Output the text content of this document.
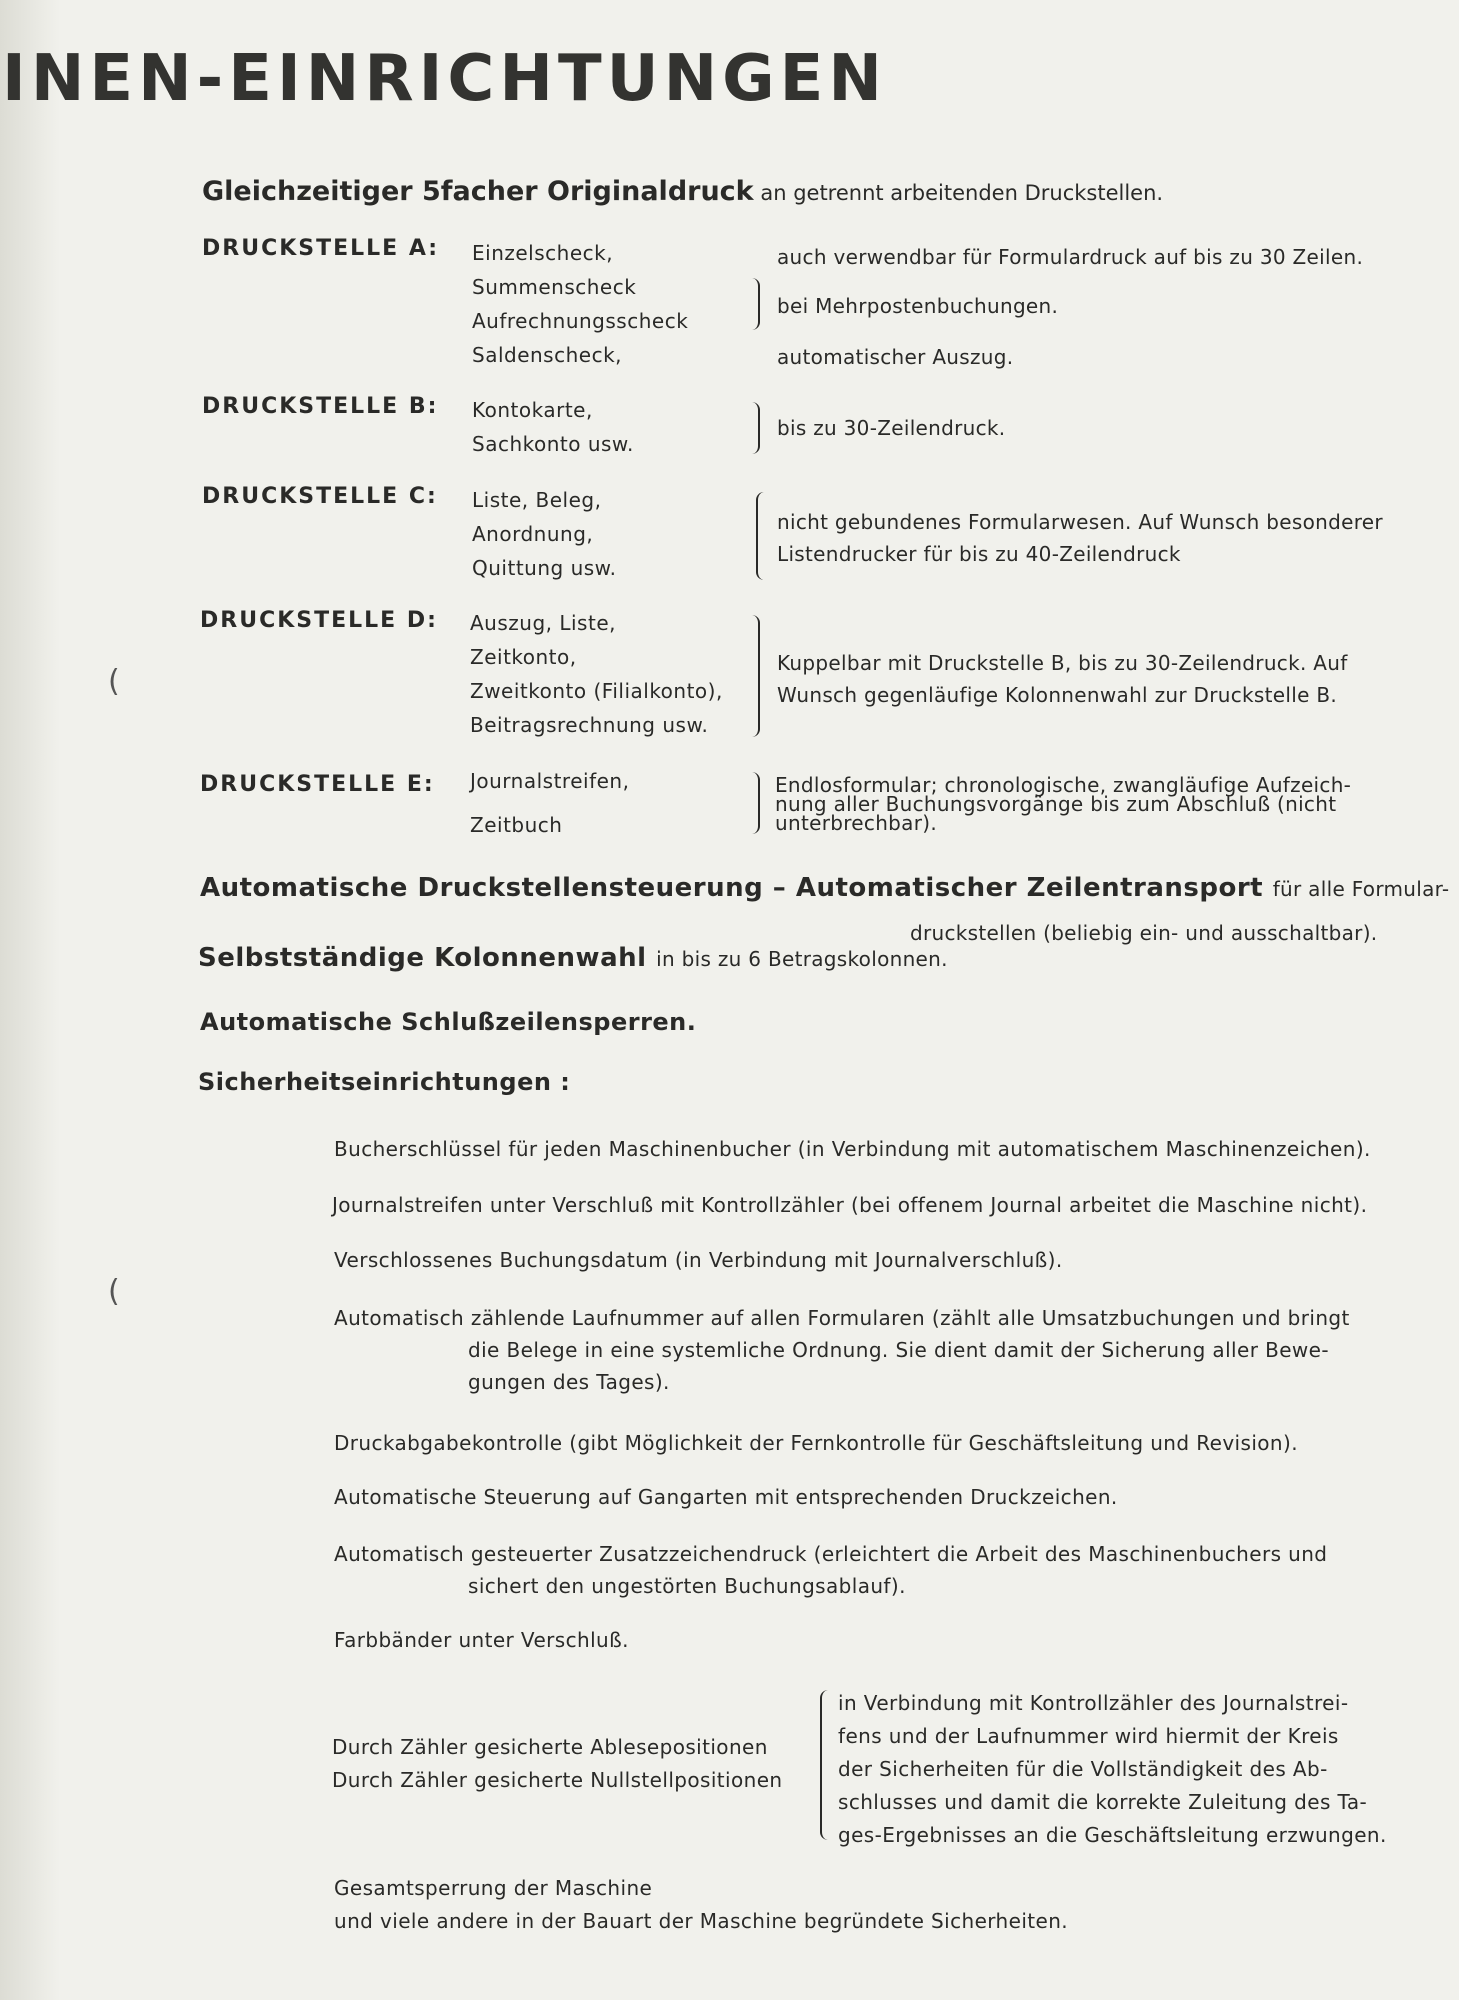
INEN-EINRICHTUNGEN
Gleichzeitiger 5facher Originaldruck an getrennt arbeitenden Druckstellen.
DRUCKSTELLE A: Einzelscheck,
Summenscheck
Aufrechnungsscheck
Saldenscheck,
auch verwendbar für Formulardruck auf bis zu 30 Zeilen.
bei Mehrpostenbuchungen.
automatischer Auszug.
DRUCKSTELLE B: Kontokarte,
Sachkonto usw.
bis zu 30-Zeilendruck.
DRUCKSTELLE C: Liste, Beleg,
Anordnung,
Quittung usw.
nicht gebundenes Formularwesen. Auf Wunsch besonderer
Listendrucker für bis zu 40-Zeilendruck
DRUCKSTELLE D: Auszug, Liste,
Zeitkonto,
Zweitkonto (Filialkonto),
Beitragsrechnung usw.
Kuppelbar mit Druckstelle B, bis zu 30-Zeilendruck. Auf
Wunsch gegenläufige Kolonnenwahl zur Druckstelle B.
DRUCKSTELLE E: Journalstreifen,
Zeitbuch
Endlosformular; chronologische, zwangläufige Aufzeich-
nung aller Buchungsvorgänge bis zum Abschluß (nicht
unterbrechbar).
Automatische Druckstellensteuerung – Automatischer Zeilentransport für alle Formular-
druckstellen (beliebig ein- und ausschaltbar).
Selbstständige Kolonnenwahl in bis zu 6 Betragskolonnen.
Automatische Schlußzeilensperren.
Sicherheitseinrichtungen :
Bucherschlüssel für jeden Maschinenbucher (in Verbindung mit automatischem Maschinenzeichen).
Journalstreifen unter Verschluß mit Kontrollzähler (bei offenem Journal arbeitet die Maschine nicht).
Verschlossenes Buchungsdatum (in Verbindung mit Journalverschluß).
Automatisch zählende Laufnummer auf allen Formularen (zählt alle Umsatzbuchungen und bringt
die Belege in eine systemliche Ordnung. Sie dient damit der Sicherung aller Bewe-
gungen des Tages).
Druckabgabekontrolle (gibt Möglichkeit der Fernkontrolle für Geschäftsleitung und Revision).
Automatische Steuerung auf Gangarten mit entsprechenden Druckzeichen.
Automatisch gesteuerter Zusatzzeichendruck (erleichtert die Arbeit des Maschinenbuchers und
sichert den ungestörten Buchungsablauf).
Farbbänder unter Verschluß.
Durch Zähler gesicherte Ablesepositionen
Durch Zähler gesicherte Nullstellpositionen
in Verbindung mit Kontrollzähler des Journalstrei-
fens und der Laufnummer wird hiermit der Kreis
der Sicherheiten für die Vollständigkeit des Ab-
schlusses und damit die korrekte Zuleitung des Ta-
ges-Ergebnisses an die Geschäftsleitung erzwungen.
Gesamtsperrung der Maschine
und viele andere in der Bauart der Maschine begründete Sicherheiten.
(
(
